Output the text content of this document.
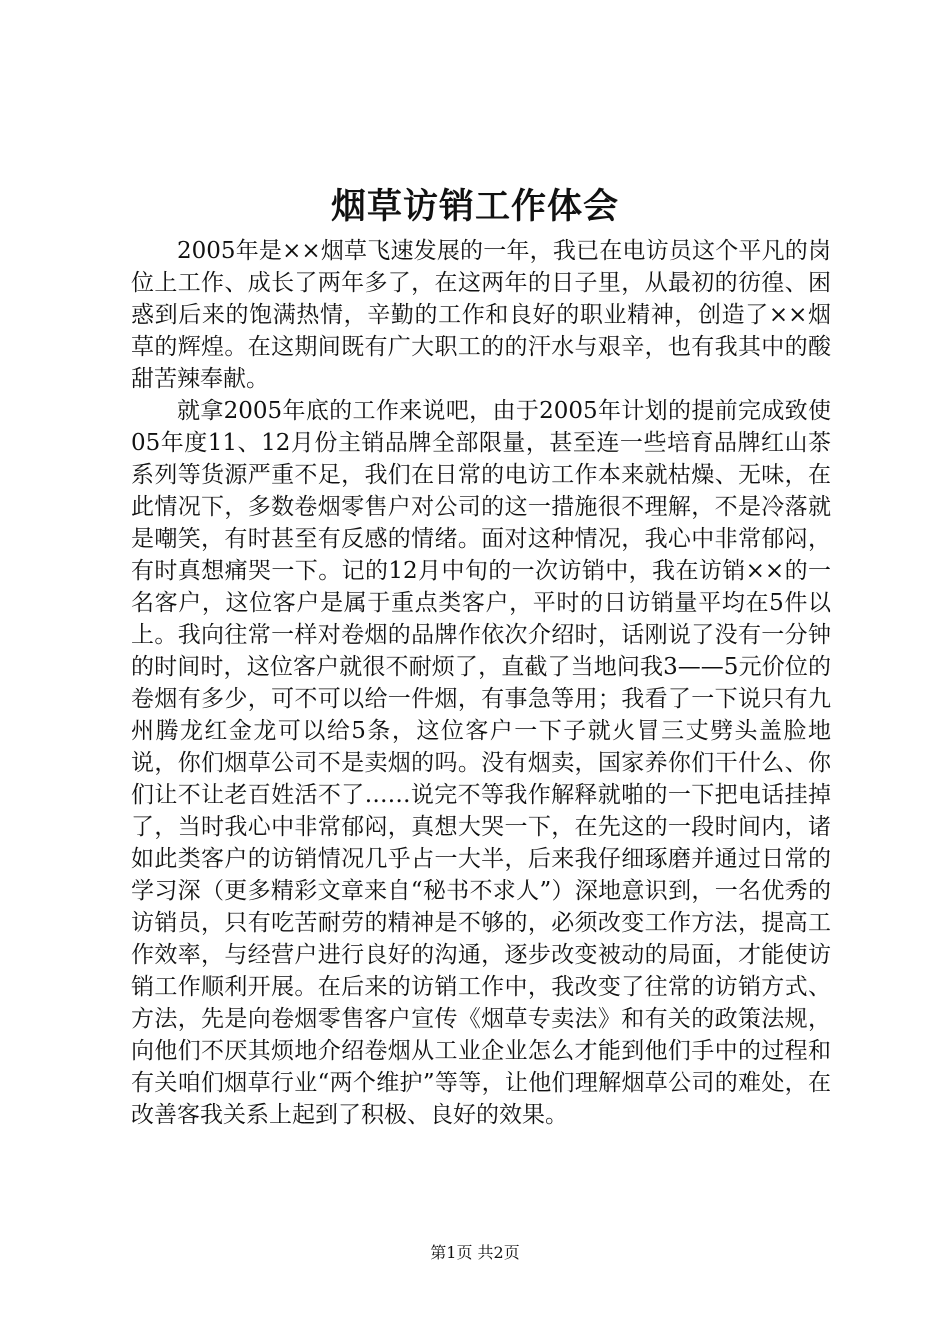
烟草访销工作体会

2005年是××烟草飞速发展的一年，我已在电访员这个平凡的岗位上工作、成长了两年多了，在这两年的日子里，从最初的彷徨、困惑到后来的饱满热情，辛勤的工作和良好的职业精神，创造了××烟草的辉煌。在这期间既有广大职工的的汗水与艰辛，也有我其中的酸甜苦辣奉献。

就拿2005年底的工作来说吧，由于2005年计划的提前完成致使05年度11、12月份主销品牌全部限量，甚至连一些培育品牌红山茶系列等货源严重不足，我们在日常的电访工作本来就枯燥、无味，在此情况下，多数卷烟零售户对公司的这一措施很不理解，不是冷落就是嘲笑，有时甚至有反感的情绪。面对这种情况，我心中非常郁闷，有时真想痛哭一下。记的12月中旬的一次访销中，我在访销××的一名客户，这位客户是属于重点类客户，平时的日访销量平均在5件以上。我向往常一样对卷烟的品牌作依次介绍时，话刚说了没有一分钟的时间时，这位客户就很不耐烦了，直截了当地问我3——5元价位的卷烟有多少，可不可以给一件烟，有事急等用；我看了一下说只有九州腾龙红金龙可以给5条，这位客户一下子就火冒三丈劈头盖脸地说，你们烟草公司不是卖烟的吗。没有烟卖，国家养你们干什么、你们让不让老百姓活不了……说完不等我作解释就啪的一下把电话挂掉了，当时我心中非常郁闷，真想大哭一下，在先这的一段时间内，诸如此类客户的访销情况几乎占一大半，后来我仔细琢磨并通过日常的学习深（更多精彩文章来自“秘书不求人”）深地意识到，一名优秀的访销员，只有吃苦耐劳的精神是不够的，必须改变工作方法，提高工作效率，与经营户进行良好的沟通，逐步改变被动的局面，才能使访销工作顺利开展。在后来的访销工作中，我改变了往常的访销方式、方法，先是向卷烟零售客户宣传《烟草专卖法》和有关的政策法规，向他们不厌其烦地介绍卷烟从工业企业怎么才能到他们手中的过程和有关咱们烟草行业“两个维护”等等，让他们理解烟草公司的难处，在改善客我关系上起到了积极、良好的效果。

第1页 共2页
